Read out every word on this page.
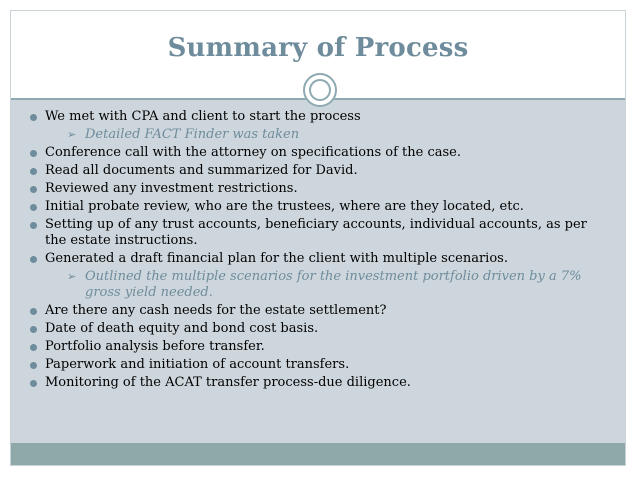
Summary of Process
We met with CPA and client to start the process
➢ Detailed FACT Finder was taken
Conference call with the attorney on specifications of the case.
Read all documents and summarized for David.
Reviewed any investment restrictions.
Initial probate review, who are the trustees, where are they located, etc.
Setting up of any trust accounts, beneficiary accounts, individual accounts, as per the estate instructions.
Generated a draft financial plan for the client with multiple scenarios.
➢ Outlined the multiple scenarios for the investment portfolio driven by a 7% gross yield needed.
Are there any cash needs for the estate settlement?
Date of death equity and bond cost basis.
Portfolio analysis before transfer.
Paperwork and initiation of account transfers.
Monitoring of the ACAT transfer process-due diligence.
